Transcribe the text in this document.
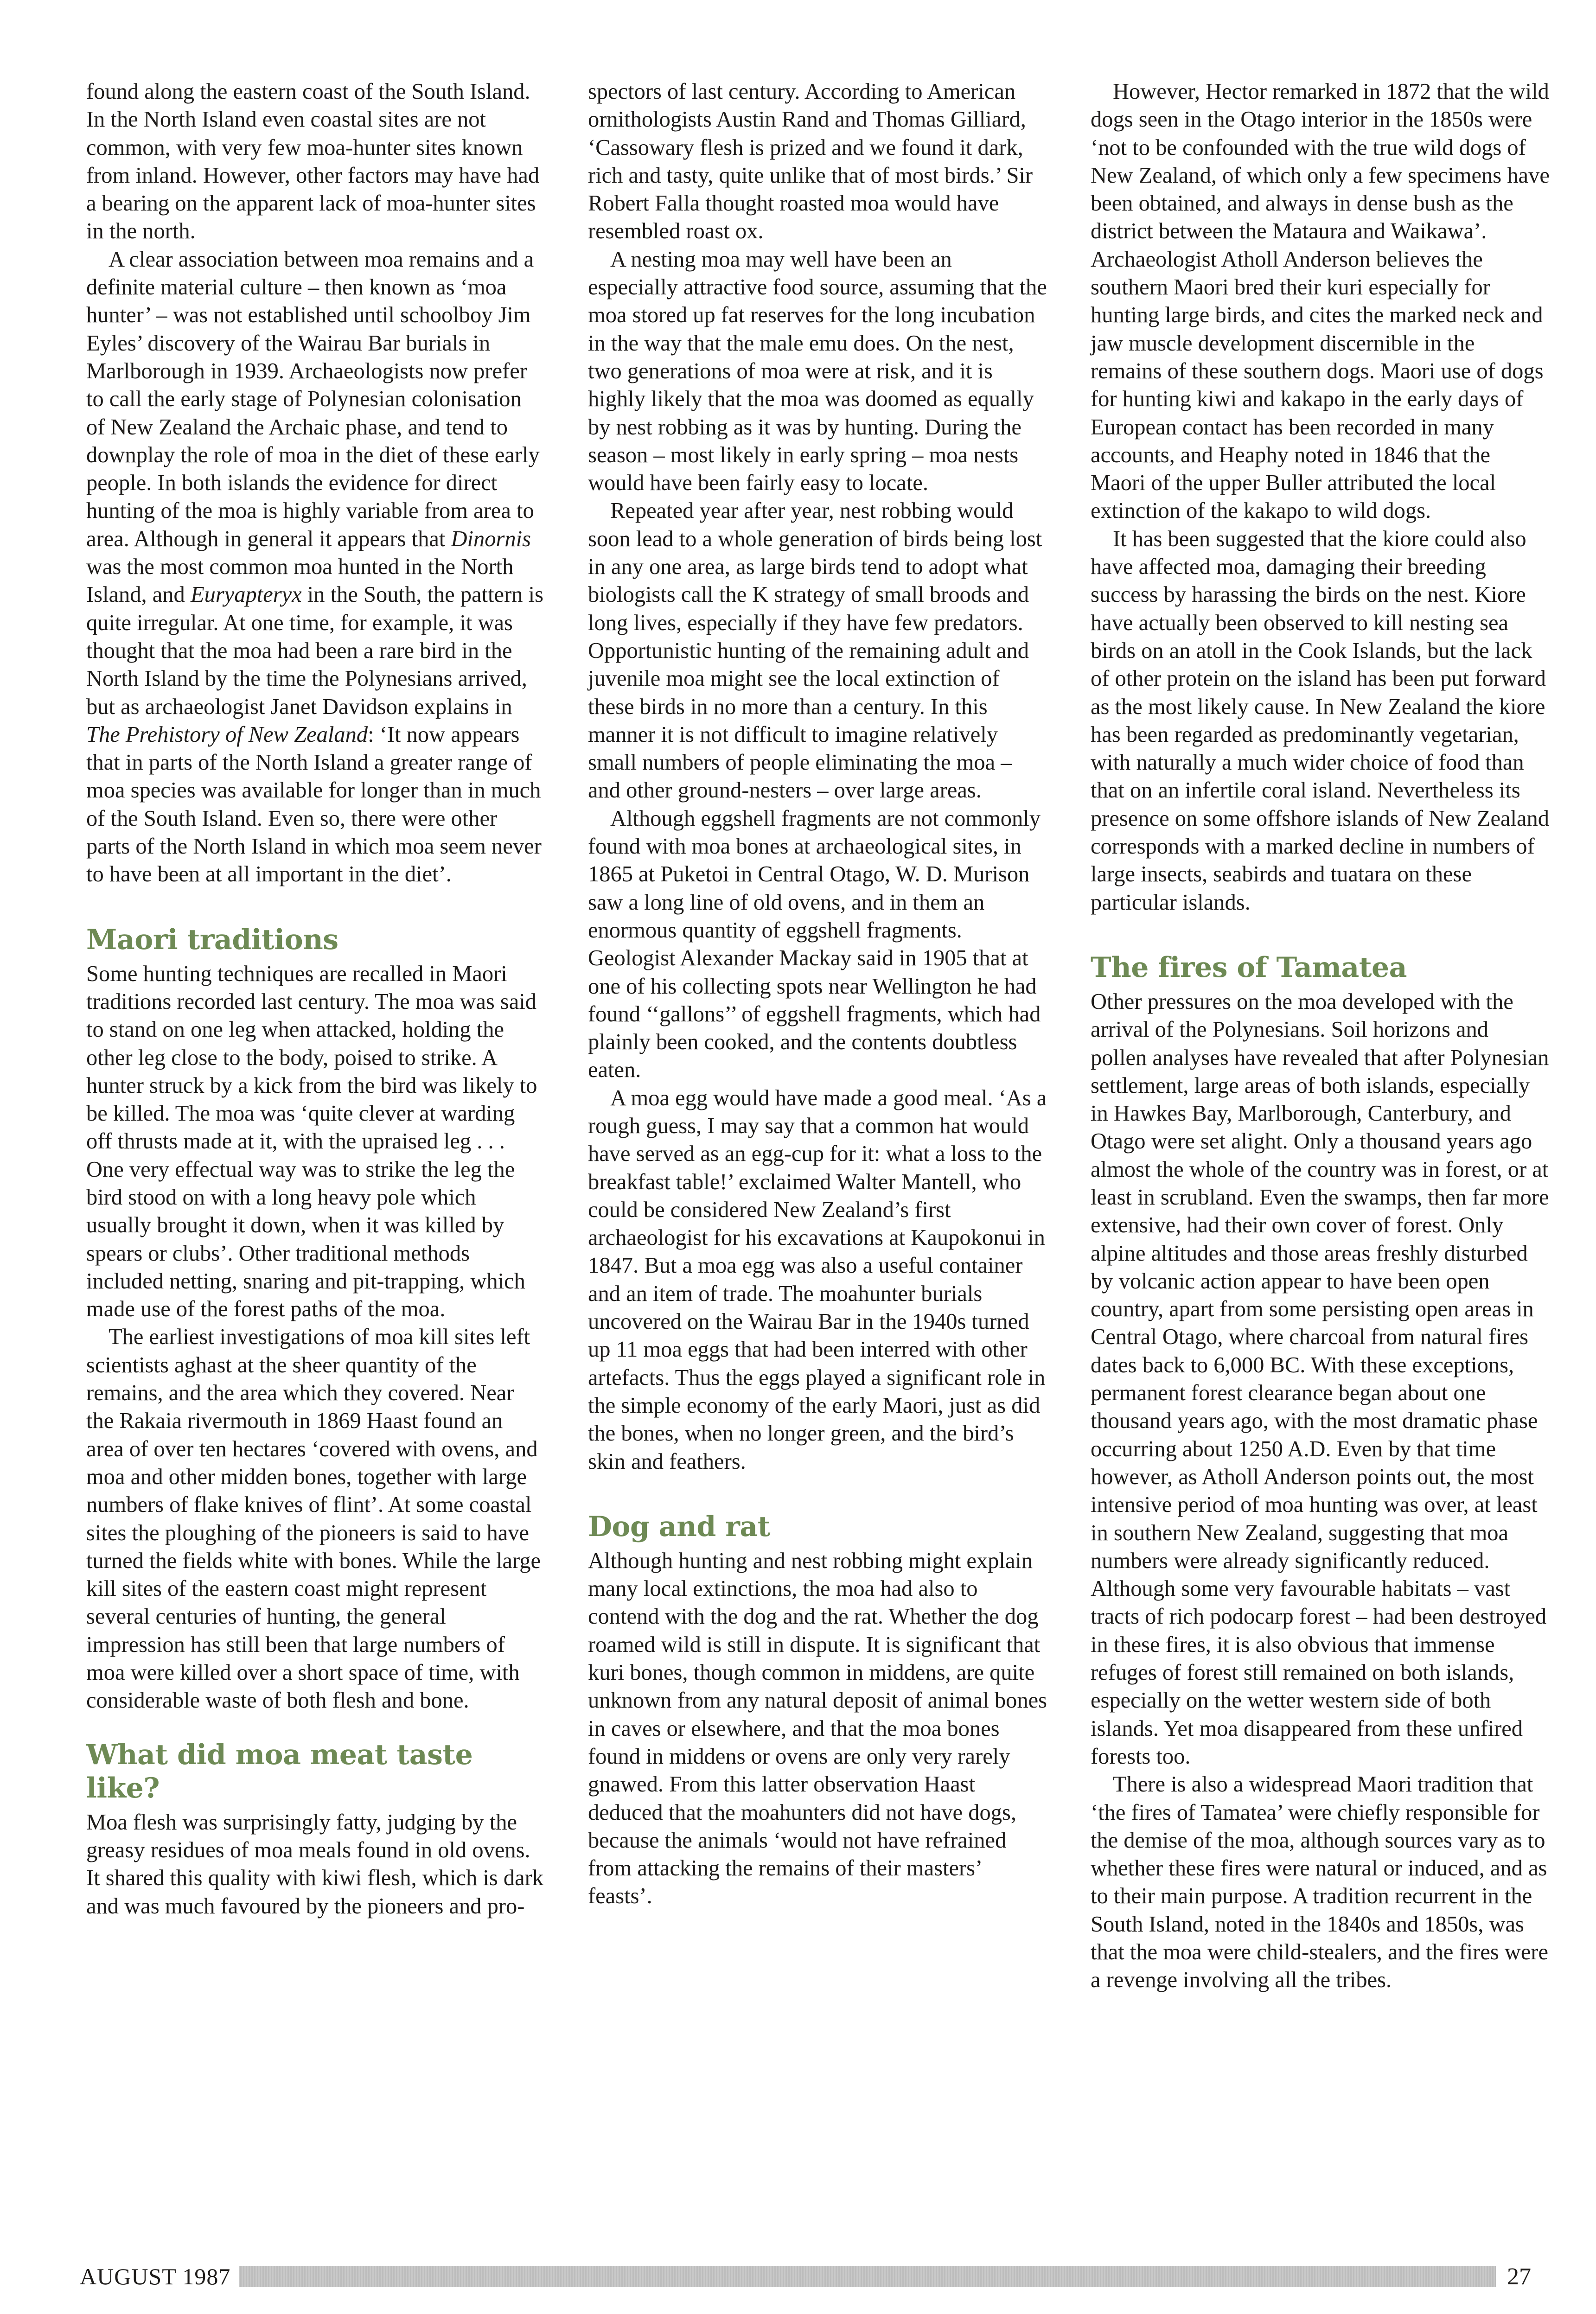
found along the eastern coast of the South Island. In the North Island even coastal sites are not common, with very few moa-hunter sites known from inland. However, other factors may have had a bearing on the apparent lack of moa-hunter sites in the north.

A clear association between moa remains and a definite material culture – then known as ‘moa hunter’ – was not established until schoolboy Jim Eyles’ discovery of the Wairau Bar burials in Marlborough in 1939. Archaeologists now prefer to call the early stage of Polynesian colonisation of New Zealand the Archaic phase, and tend to downplay the role of moa in the diet of these early people. In both islands the evidence for direct hunting of the moa is highly variable from area to area. Although in general it appears that Dinornis was the most common moa hunted in the North Island, and Euryapteryx in the South, the pattern is quite irregular. At one time, for example, it was thought that the moa had been a rare bird in the North Island by the time the Polynesians arrived, but as archaeologist Janet Davidson explains in The Prehistory of New Zealand: ‘It now appears that in parts of the North Island a greater range of moa species was available for longer than in much of the South Island. Even so, there were other parts of the North Island in which moa seem never to have been at all important in the diet’.

Maori traditions

Some hunting techniques are recalled in Maori traditions recorded last century. The moa was said to stand on one leg when attacked, holding the other leg close to the body, poised to strike. A hunter struck by a kick from the bird was likely to be killed. The moa was ‘quite clever at warding off thrusts made at it, with the upraised leg . . . One very effectual way was to strike the leg the bird stood on with a long heavy pole which usually brought it down, when it was killed by spears or clubs’. Other traditional methods included netting, snaring and pit-trapping, which made use of the forest paths of the moa.

The earliest investigations of moa kill sites left scientists aghast at the sheer quantity of the remains, and the area which they covered. Near the Rakaia rivermouth in 1869 Haast found an area of over ten hectares ‘covered with ovens, and moa and other midden bones, together with large numbers of flake knives of flint’. At some coastal sites the ploughing of the pioneers is said to have turned the fields white with bones. While the large kill sites of the eastern coast might represent several centuries of hunting, the general impression has still been that large numbers of moa were killed over a short space of time, with considerable waste of both flesh and bone.

What did moa meat taste like?

Moa flesh was surprisingly fatty, judging by the greasy residues of moa meals found in old ovens. It shared this quality with kiwi flesh, which is dark and was much favoured by the pioneers and pro-

spectors of last century. According to American ornithologists Austin Rand and Thomas Gilliard, ‘Cassowary flesh is prized and we found it dark, rich and tasty, quite unlike that of most birds.’ Sir Robert Falla thought roasted moa would have resembled roast ox.

A nesting moa may well have been an especially attractive food source, assuming that the moa stored up fat reserves for the long incubation in the way that the male emu does. On the nest, two generations of moa were at risk, and it is highly likely that the moa was doomed as equally by nest robbing as it was by hunting. During the season – most likely in early spring – moa nests would have been fairly easy to locate.

Repeated year after year, nest robbing would soon lead to a whole generation of birds being lost in any one area, as large birds tend to adopt what biologists call the K strategy of small broods and long lives, especially if they have few predators. Opportunistic hunting of the remaining adult and juvenile moa might see the local extinction of these birds in no more than a century. In this manner it is not difficult to imagine relatively small numbers of people eliminating the moa – and other ground-nesters – over large areas.

Although eggshell fragments are not commonly found with moa bones at archaeological sites, in 1865 at Puketoi in Central Otago, W. D. Murison saw a long line of old ovens, and in them an enormous quantity of eggshell fragments. Geologist Alexander Mackay said in 1905 that at one of his collecting spots near Wellington he had found ‘‘gallons’’ of eggshell fragments, which had plainly been cooked, and the contents doubtless eaten.

A moa egg would have made a good meal. ‘As a rough guess, I may say that a common hat would have served as an egg-cup for it: what a loss to the breakfast table!’ exclaimed Walter Mantell, who could be considered New Zealand’s first archaeologist for his excavations at Kaupokonui in 1847. But a moa egg was also a useful container and an item of trade. The moahunter burials uncovered on the Wairau Bar in the 1940s turned up 11 moa eggs that had been interred with other artefacts. Thus the eggs played a significant role in the simple economy of the early Maori, just as did the bones, when no longer green, and the bird’s skin and feathers.

Dog and rat

Although hunting and nest robbing might explain many local extinctions, the moa had also to contend with the dog and the rat. Whether the dog roamed wild is still in dispute. It is significant that kuri bones, though common in middens, are quite unknown from any natural deposit of animal bones in caves or elsewhere, and that the moa bones found in middens or ovens are only very rarely gnawed. From this latter observation Haast deduced that the moahunters did not have dogs, because the animals ‘would not have refrained from attacking the remains of their masters’ feasts’.

However, Hector remarked in 1872 that the wild dogs seen in the Otago interior in the 1850s were ‘not to be confounded with the true wild dogs of New Zealand, of which only a few specimens have been obtained, and always in dense bush as the district between the Mataura and Waikawa’. Archaeologist Atholl Anderson believes the southern Maori bred their kuri especially for hunting large birds, and cites the marked neck and jaw muscle development discernible in the remains of these southern dogs. Maori use of dogs for hunting kiwi and kakapo in the early days of European contact has been recorded in many accounts, and Heaphy noted in 1846 that the Maori of the upper Buller attributed the local extinction of the kakapo to wild dogs.

It has been suggested that the kiore could also have affected moa, damaging their breeding success by harassing the birds on the nest. Kiore have actually been observed to kill nesting sea birds on an atoll in the Cook Islands, but the lack of other protein on the island has been put forward as the most likely cause. In New Zealand the kiore has been regarded as predominantly vegetarian, with naturally a much wider choice of food than that on an infertile coral island. Nevertheless its presence on some offshore islands of New Zealand corresponds with a marked decline in numbers of large insects, seabirds and tuatara on these particular islands.

The fires of Tamatea

Other pressures on the moa developed with the arrival of the Polynesians. Soil horizons and pollen analyses have revealed that after Polynesian settlement, large areas of both islands, especially in Hawkes Bay, Marlborough, Canterbury, and Otago were set alight. Only a thousand years ago almost the whole of the country was in forest, or at least in scrubland. Even the swamps, then far more extensive, had their own cover of forest. Only alpine altitudes and those areas freshly disturbed by volcanic action appear to have been open country, apart from some persisting open areas in Central Otago, where charcoal from natural fires dates back to 6,000 BC. With these exceptions, permanent forest clearance began about one thousand years ago, with the most dramatic phase occurring about 1250 A.D. Even by that time however, as Atholl Anderson points out, the most intensive period of moa hunting was over, at least in southern New Zealand, suggesting that moa numbers were already significantly reduced. Although some very favourable habitats – vast tracts of rich podocarp forest – had been destroyed in these fires, it is also obvious that immense refuges of forest still remained on both islands, especially on the wetter western side of both islands. Yet moa disappeared from these unfired forests too.

There is also a widespread Maori tradition that ‘the fires of Tamatea’ were chiefly responsible for the demise of the moa, although sources vary as to whether these fires were natural or induced, and as to their main purpose. A tradition recurrent in the South Island, noted in the 1840s and 1850s, was that the moa were child-stealers, and the fires were a revenge involving all the tribes.

AUGUST 1987	27
